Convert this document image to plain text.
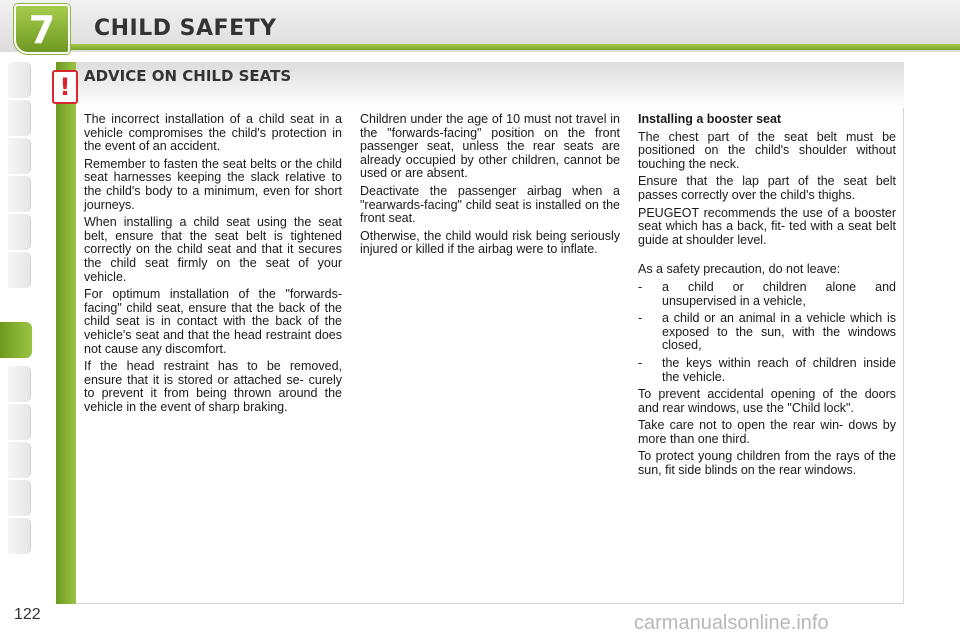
7	CHILD SAFETY
! ADVICE ON CHILD SEATS

The incorrect installation of a child seat in a vehicle compromises the child's protection in the event of an accident.

Remember to fasten the seat belts or the child seat harnesses keeping the slack relative to the child's body to a minimum, even for short journeys.

When installing a child seat using the seat belt, ensure that the seat belt is tightened correctly on the child seat and that it secures the child seat firmly on the seat of your vehicle.

For optimum installation of the "forwards-facing" child seat, ensure that the back of the child seat is in contact with the back of the vehicle's seat and that the head restraint does not cause any discomfort.

If the head restraint has to be removed, ensure that it is stored or attached se- curely to prevent it from being thrown around the vehicle in the event of sharp braking.

Children under the age of 10 must not travel in the "forwards-facing" position on the front passenger seat, unless the rear seats are already occupied by other children, cannot be used or are absent.

Deactivate the passenger airbag when a "rearwards-facing" child seat is installed on the front seat.

Otherwise, the child would risk being seriously injured or killed if the airbag were to inflate.

Installing a booster seat

The chest part of the seat belt must be positioned on the child's shoulder without touching the neck.

Ensure that the lap part of the seat belt passes correctly over the child's thighs.

PEUGEOT recommends the use of a booster seat which has a back, fit- ted with a seat belt guide at shoulder level.

As a safety precaution, do not leave:

- a child or children alone and unsupervised in a vehicle,
- a child or an animal in a vehicle which is exposed to the sun, with the windows closed,
- the keys within reach of children inside the vehicle.

To prevent accidental opening of the doors and rear windows, use the "Child lock".

Take care not to open the rear win- dows by more than one third.

To protect young children from the rays of the sun, fit side blinds on the rear windows.

122	carmanualsonline.info
